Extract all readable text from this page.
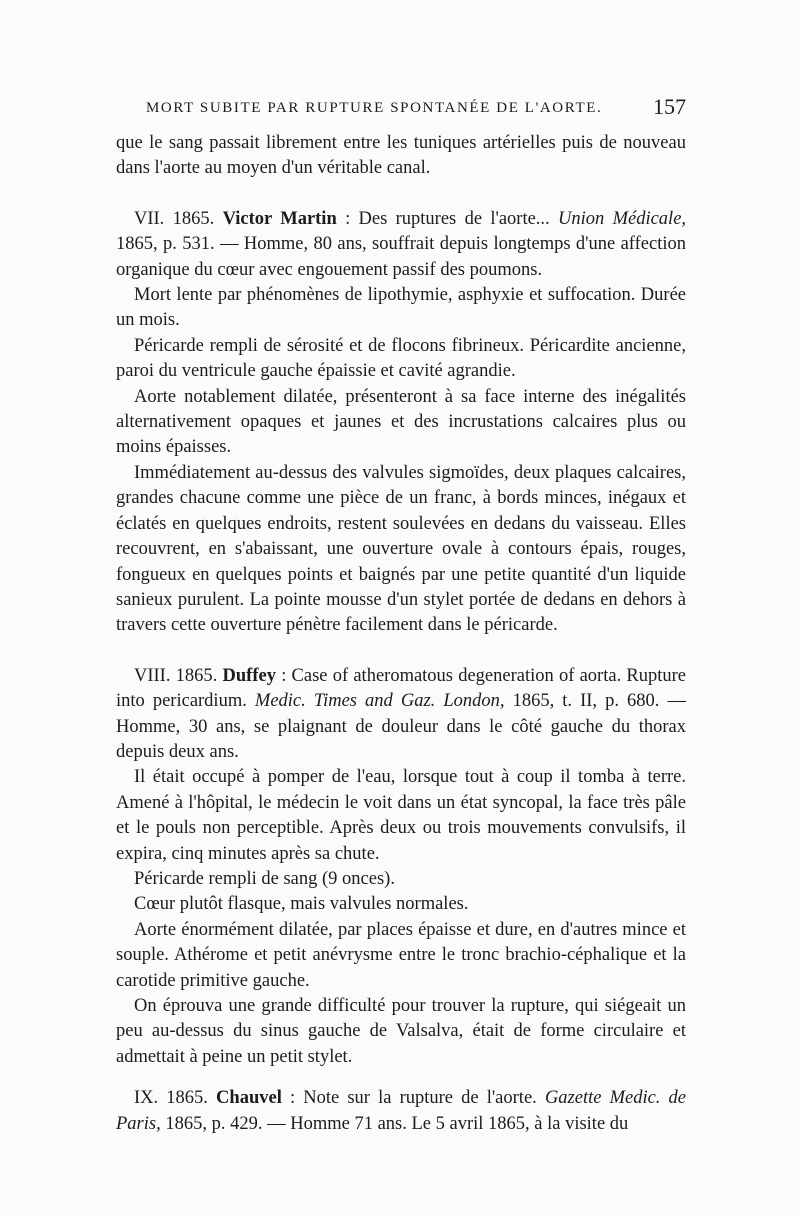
MORT SUBITE PAR RUPTURE SPONTANÉE DE L'AORTE. 157

que le sang passait librement entre les tuniques artérielles puis de nouveau dans l'aorte au moyen d'un véritable canal.

VII. 1865. Victor Martin : Des ruptures de l'aorte... Union Médicale, 1865, p. 531. — Homme, 80 ans, souffrait depuis longtemps d'une affection organique du cœur avec engouement passif des poumons.

Mort lente par phénomènes de lipothymie, asphyxie et suffocation. Durée un mois.

Péricarde rempli de sérosité et de flocons fibrineux. Péricardite ancienne, paroi du ventricule gauche épaissie et cavité agrandie.

Aorte notablement dilatée, présenteront à sa face interne des inégalités alternativement opaques et jaunes et des incrustations calcaires plus ou moins épaisses.

Immédiatement au-dessus des valvules sigmoïdes, deux plaques calcaires, grandes chacune comme une pièce de un franc, à bords minces, inégaux et éclatés en quelques endroits, restent soulevées en dedans du vaisseau. Elles recouvrent, en s'abaissant, une ouverture ovale à contours épais, rouges, fongueux en quelques points et baignés par une petite quantité d'un liquide sanieux purulent. La pointe mousse d'un stylet portée de dedans en dehors à travers cette ouverture pénètre facilement dans le péricarde.

VIII. 1865. Duffey : Case of atheromatous degeneration of aorta. Rupture into pericardium. Medic. Times and Gaz. London, 1865, t. II, p. 680. — Homme, 30 ans, se plaignant de douleur dans le côté gauche du thorax depuis deux ans.

Il était occupé à pomper de l'eau, lorsque tout à coup il tomba à terre. Amené à l'hôpital, le médecin le voit dans un état syncopal, la face très pâle et le pouls non perceptible. Après deux ou trois mouvements convulsifs, il expira, cinq minutes après sa chute.

Péricarde rempli de sang (9 onces).

Cœur plutôt flasque, mais valvules normales.

Aorte énormément dilatée, par places épaisse et dure, en d'autres mince et souple. Athérome et petit anévrysme entre le tronc brachio-céphalique et la carotide primitive gauche.

On éprouva une grande difficulté pour trouver la rupture, qui siégeait un peu au-dessus du sinus gauche de Valsalva, était de forme circulaire et admettait à peine un petit stylet.

IX. 1865. Chauvel : Note sur la rupture de l'aorte. Gazette Medic. de Paris, 1865, p. 429. — Homme 71 ans. Le 5 avril 1865, à la visite du
